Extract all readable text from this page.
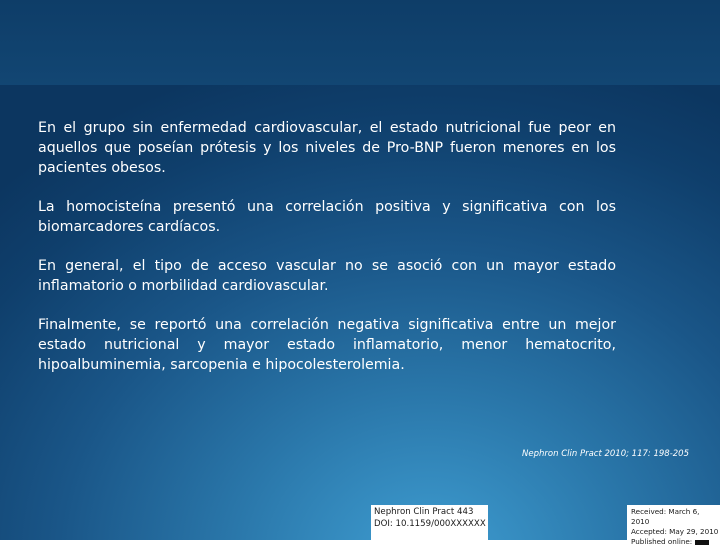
En el grupo sin enfermedad cardiovascular, el estado nutricional fue peor en aquellos que poseían prótesis y los niveles de Pro-BNP fueron menores en los pacientes obesos.

La homocisteína presentó una correlación positiva y significativa con los biomarcadores cardíacos.

En general, el tipo de acceso vascular no se asoció con un mayor estado inflamatorio o morbilidad cardiovascular.

Finalmente, se reportó una correlación negativa significativa entre un mejor estado nutricional y mayor estado inflamatorio, menor hematocrito, hipoalbuminemia, sarcopenia e hipocolesterolemia.

Nephron Clin Pract 2010; 117: 198-205
Nephron Clin Pract 443
DOI: 10.1159/000XXXXXX
Received: March 6, 2010
Accepted: May 29, 2010
Published online:
